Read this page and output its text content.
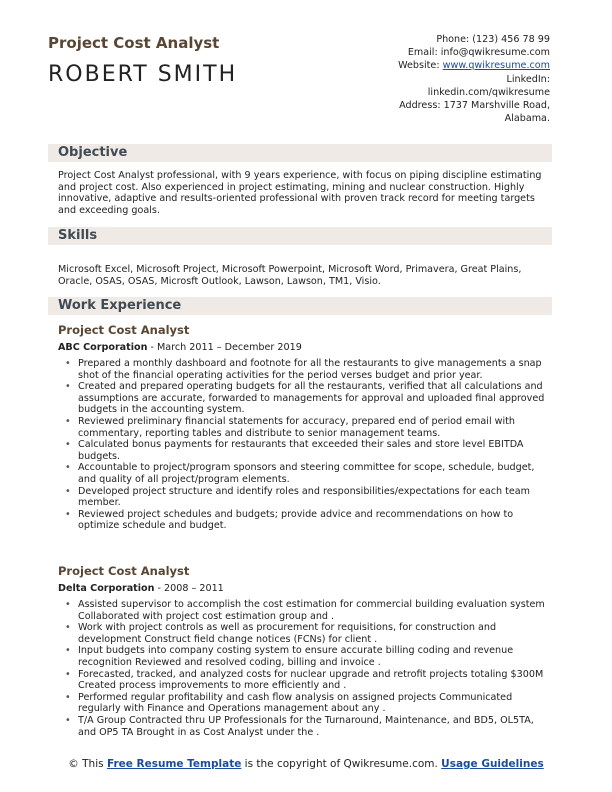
Project Cost Analyst
ROBERT SMITH
Phone: (123) 456 78 99
Email: info@qwikresume.com
Website: www.qwikresume.com
LinkedIn:
linkedin.com/qwikresume
Address: 1737 Marshville Road,
Alabama.
Objective
Project Cost Analyst professional, with 9 years experience, with focus on piping discipline estimating and project cost. Also experienced in project estimating, mining and nuclear construction. Highly innovative, adaptive and results-oriented professional with proven track record for meeting targets and exceeding goals.
Skills
Microsoft Excel, Microsoft Project, Microsoft Powerpoint, Microsoft Word, Primavera, Great Plains, Oracle, OSAS, OSAS, Microsft Outlook, Lawson, Lawson, TM1, Visio.
Work Experience
Project Cost Analyst
ABC Corporation - March 2011 – December 2019
• Prepared a monthly dashboard and footnote for all the restaurants to give managements a snap shot of the financial operating activities for the period verses budget and prior year.
• Created and prepared operating budgets for all the restaurants, verified that all calculations and assumptions are accurate, forwarded to managements for approval and uploaded final approved budgets in the accounting system.
• Reviewed preliminary financial statements for accuracy, prepared end of period email with commentary, reporting tables and distribute to senior management teams.
• Calculated bonus payments for restaurants that exceeded their sales and store level EBITDA budgets.
• Accountable to project/program sponsors and steering committee for scope, schedule, budget, and quality of all project/program elements.
• Developed project structure and identify roles and responsibilities/expectations for each team member.
• Reviewed project schedules and budgets; provide advice and recommendations on how to optimize schedule and budget.
Project Cost Analyst
Delta Corporation - 2008 – 2011
• Assisted supervisor to accomplish the cost estimation for commercial building evaluation system Collaborated with project cost estimation group and .
• Work with project controls as well as procurement for requisitions, for construction and development Construct field change notices (FCNs) for client .
• Input budgets into company costing system to ensure accurate billing coding and revenue recognition Reviewed and resolved coding, billing and invoice .
• Forecasted, tracked, and analyzed costs for nuclear upgrade and retrofit projects totaling $300M Created process improvements to more efficiently and .
• Performed regular profitability and cash flow analysis on assigned projects Communicated regularly with Finance and Operations management about any .
• T/A Group Contracted thru UP Professionals for the Turnaround, Maintenance, and BD5, OL5TA, and OP5 TA Brought in as Cost Analyst under the .
© This Free Resume Template is the copyright of Qwikresume.com. Usage Guidelines
